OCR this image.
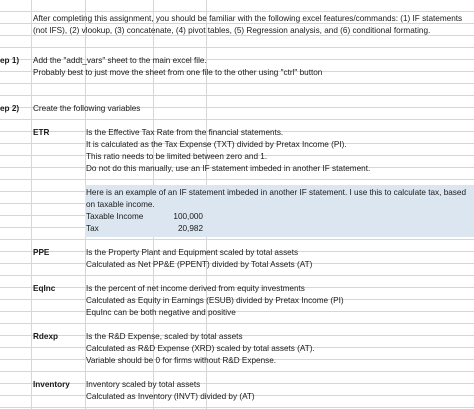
After completing this assignment, you should be familiar with the following excel features/commands: (1) IF statements
(not IFS), (2) vlookup, (3) concatenate, (4) pivot tables, (5) Regression analysis, and (6) conditional formating.
ep 1) Add the "addt_vars" sheet to the main excel file.
Probably best to just move the sheet from one file to the other using "ctrl" button
ep 2) Create the following variables
ETR	Is the Effective Tax Rate from the financial statements.
It is calculated as the Tax Expense (TXT) divided by Pretax Income (PI).
This ratio needs to be limited between zero and 1.
Do not do this manually, use an IF statement imbeded in another IF statement.
Here is an example of an IF statement imbeded in another IF statement. I use this to calculate tax, based
on taxable income.
Taxable Income	100,000
Tax	20,982
PPE	Is the Property Plant and Equipment scaled by total assets
Calculated as Net PP&E (PPENT) divided by Total Assets (AT)
EqInc	Is the percent of net income derived from equity investments
Calculated as Equity in Earnings (ESUB) divided by Pretax Income (PI)
EquInc can be both negative and positive
Rdexp	Is the R&D Expense, scaled by total assets
Calculated as R&D Expense (XRD) scaled by total assets (AT).
Variable should be 0 for firms without R&D Expense.
Inventory Inventory scaled by total assets
Calculated as Inventory (INVT) divided by (AT)
